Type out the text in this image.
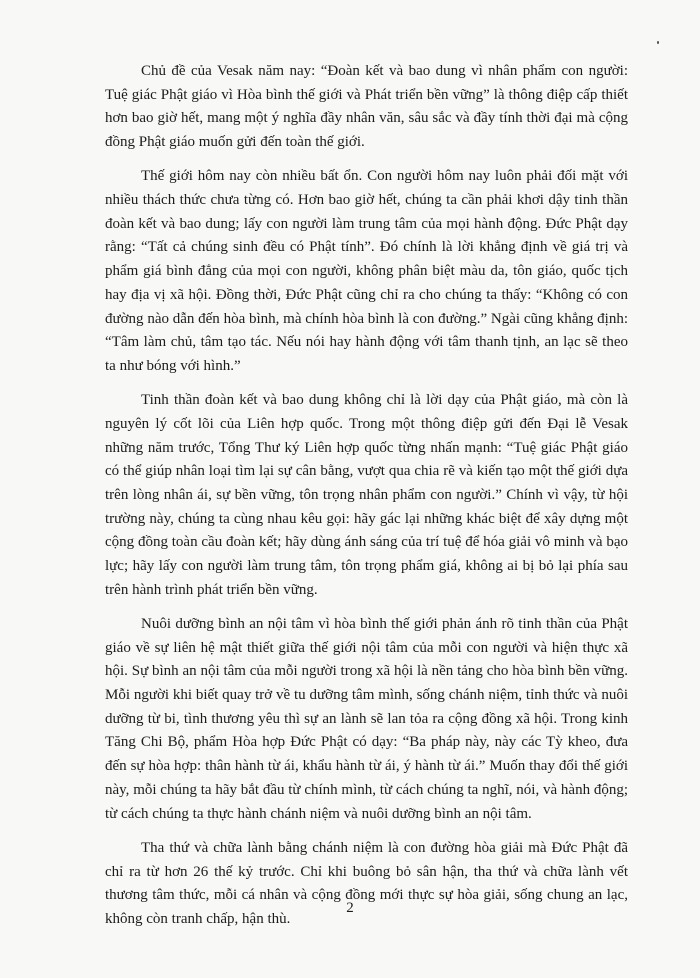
Chủ đề của Vesak năm nay: “Đoàn kết và bao dung vì nhân phẩm con người: Tuệ giác Phật giáo vì Hòa bình thế giới và Phát triển bền vững” là thông điệp cấp thiết hơn bao giờ hết, mang một ý nghĩa đầy nhân văn, sâu sắc và đầy tính thời đại mà cộng đồng Phật giáo muốn gửi đến toàn thế giới.

Thế giới hôm nay còn nhiều bất ổn. Con người hôm nay luôn phải đối mặt với nhiều thách thức chưa từng có. Hơn bao giờ hết, chúng ta cần phải khơi dậy tinh thần đoàn kết và bao dung; lấy con người làm trung tâm của mọi hành động. Đức Phật dạy rằng: “Tất cả chúng sinh đều có Phật tính”. Đó chính là lời khẳng định về giá trị và phẩm giá bình đẳng của mọi con người, không phân biệt màu da, tôn giáo, quốc tịch hay địa vị xã hội. Đồng thời, Đức Phật cũng chỉ ra cho chúng ta thấy: “Không có con đường nào dẫn đến hòa bình, mà chính hòa bình là con đường.” Ngài cũng khẳng định: “Tâm làm chủ, tâm tạo tác. Nếu nói hay hành động với tâm thanh tịnh, an lạc sẽ theo ta như bóng với hình.”

Tinh thần đoàn kết và bao dung không chỉ là lời dạy của Phật giáo, mà còn là nguyên lý cốt lõi của Liên hợp quốc. Trong một thông điệp gửi đến Đại lễ Vesak những năm trước, Tổng Thư ký Liên hợp quốc từng nhấn mạnh: “Tuệ giác Phật giáo có thể giúp nhân loại tìm lại sự cân bằng, vượt qua chia rẽ và kiến tạo một thế giới dựa trên lòng nhân ái, sự bền vững, tôn trọng nhân phẩm con người.” Chính vì vậy, từ hội trường này, chúng ta cùng nhau kêu gọi: hãy gác lại những khác biệt để xây dựng một cộng đồng toàn cầu đoàn kết; hãy dùng ánh sáng của trí tuệ để hóa giải vô minh và bạo lực; hãy lấy con người làm trung tâm, tôn trọng phẩm giá, không ai bị bỏ lại phía sau trên hành trình phát triển bền vững.

Nuôi dưỡng bình an nội tâm vì hòa bình thế giới phản ánh rõ tinh thần của Phật giáo về sự liên hệ mật thiết giữa thế giới nội tâm của mỗi con người và hiện thực xã hội. Sự bình an nội tâm của mỗi người trong xã hội là nền tảng cho hòa bình bền vững. Mỗi người khi biết quay trở về tu dưỡng tâm mình, sống chánh niệm, tỉnh thức và nuôi dưỡng từ bi, tình thương yêu thì sự an lành sẽ lan tỏa ra cộng đồng xã hội. Trong kinh Tăng Chi Bộ, phẩm Hòa hợp Đức Phật có dạy: “Ba pháp này, này các Tỳ kheo, đưa đến sự hòa hợp: thân hành từ ái, khẩu hành từ ái, ý hành từ ái.” Muốn thay đổi thế giới này, mỗi chúng ta hãy bắt đầu từ chính mình, từ cách chúng ta nghĩ, nói, và hành động; từ cách chúng ta thực hành chánh niệm và nuôi dưỡng bình an nội tâm.

Tha thứ và chữa lành bằng chánh niệm là con đường hòa giải mà Đức Phật đã chỉ ra từ hơn 26 thế kỷ trước. Chỉ khi buông bỏ sân hận, tha thứ và chữa lành vết thương tâm thức, mỗi cá nhân và cộng đồng mới thực sự hòa giải, sống chung an lạc, không còn tranh chấp, hận thù.

2
